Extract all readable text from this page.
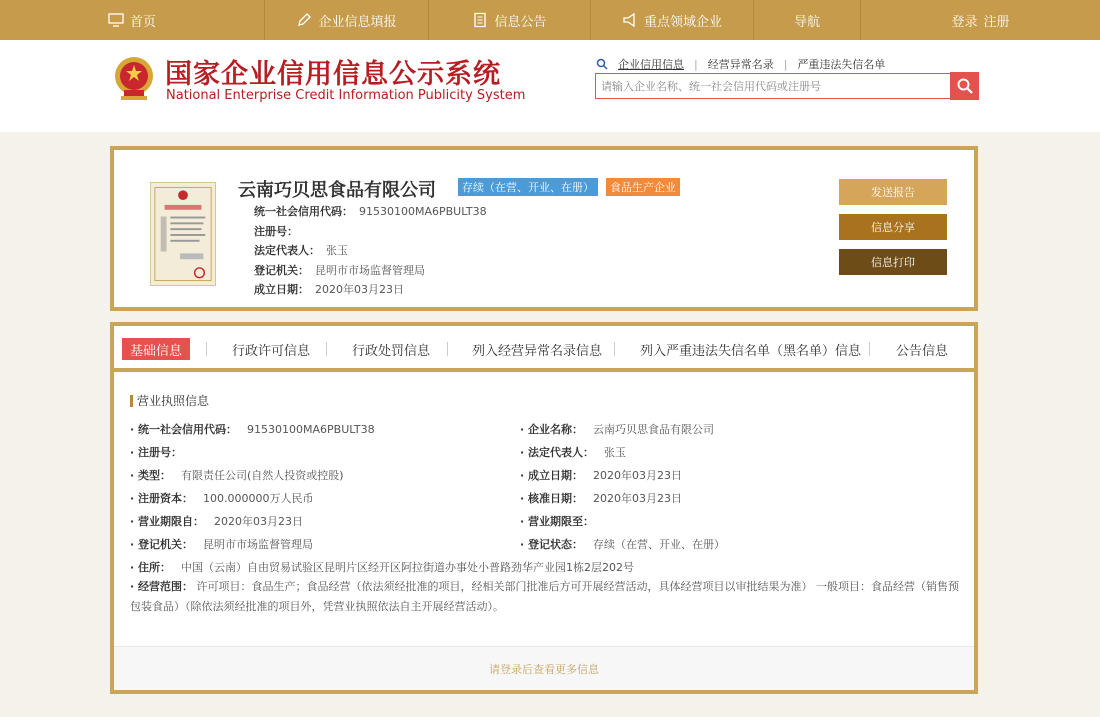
首页	企业信息填报	信息公告	重点领域企业	导航	登录 注册
国家企业信用信息公示系统
National Enterprise Credit Information Publicity System
企业信用信息 | 经营异常名录 | 严重违法失信名单
请输入企业名称、统一社会信用代码或注册号
云南巧贝思食品有限公司	存续（在营、开业、在册）	食品生产企业
统一社会信用代码： 91530100MA6PBULT38
注册号：
法定代表人： 张玉
登记机关： 昆明市市场监督管理局
成立日期： 2020年03月23日
发送报告
信息分享
信息打印
基础信息	行政许可信息	行政处罚信息	列入经营异常名录信息	列入严重违法失信名单（黑名单）信息	公告信息
营业执照信息
· 统一社会信用代码： 91530100MA6PBULT38
· 注册号：
· 类型： 有限责任公司(自然人投资或控股)
· 注册资本： 100.000000万人民币
· 营业期限自： 2020年03月23日
· 登记机关： 昆明市市场监督管理局
· 企业名称： 云南巧贝思食品有限公司
· 法定代表人： 张玉
· 成立日期： 2020年03月23日
· 核准日期： 2020年03月23日
· 营业期限至：
· 登记状态： 存续（在营、开业、在册）
· 住所： 中国（云南）自由贸易试验区昆明片区经开区阿拉街道办事处小普路劲华产业园1栋2层202号
· 经营范围： 许可项目：食品生产；食品经营（依法须经批准的项目，经相关部门批准后方可开展经营活动，具体经营项目以审批结果为准） 一般项目：食品经营（销售预包装食品）（除依法须经批准的项目外，凭营业执照依法自主开展经营活动）。
请登录后查看更多信息
